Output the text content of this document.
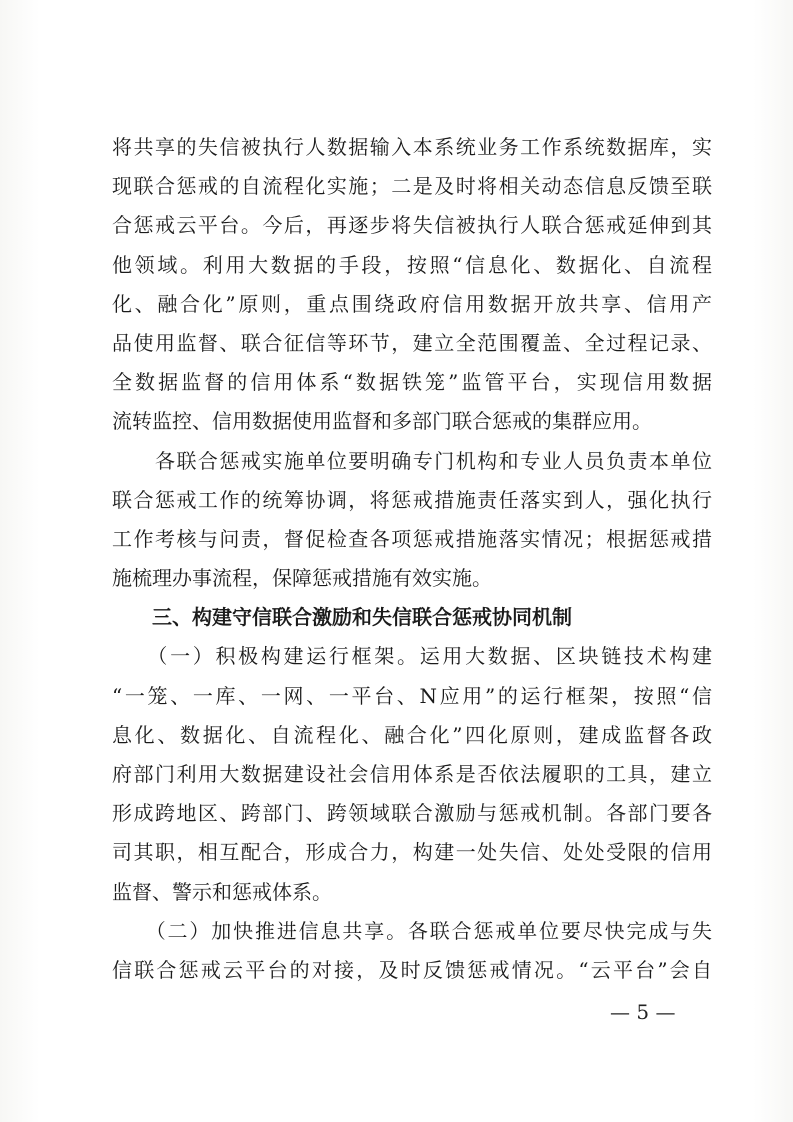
将共享的失信被执行人数据输入本系统业务工作系统数据库，实
现联合惩戒的自流程化实施；二是及时将相关动态信息反馈至联
合惩戒云平台。今后，再逐步将失信被执行人联合惩戒延伸到其
他领域。利用大数据的手段，按照“信息化、数据化、自流程
化、融合化”原则，重点围绕政府信用数据开放共享、信用产
品使用监督、联合征信等环节，建立全范围覆盖、全过程记录、
全数据监督的信用体系“数据铁笼”监管平台，实现信用数据
流转监控、信用数据使用监督和多部门联合惩戒的集群应用。
　　各联合惩戒实施单位要明确专门机构和专业人员负责本单位
联合惩戒工作的统筹协调，将惩戒措施责任落实到人，强化执行
工作考核与问责，督促检查各项惩戒措施落实情况；根据惩戒措
施梳理办事流程，保障惩戒措施有效实施。
三、构建守信联合激励和失信联合惩戒协同机制
　　（一）积极构建运行框架。运用大数据、区块链技术构建
“一笼、一库、一网、一平台、N应用”的运行框架，按照“信
息化、数据化、自流程化、融合化”四化原则，建成监督各政
府部门利用大数据建设社会信用体系是否依法履职的工具，建立
形成跨地区、跨部门、跨领域联合激励与惩戒机制。各部门要各
司其职，相互配合，形成合力，构建一处失信、处处受限的信用
监督、警示和惩戒体系。
　　（二）加快推进信息共享。各联合惩戒单位要尽快完成与失
信联合惩戒云平台的对接，及时反馈惩戒情况。“云平台”会自
— 5 —
